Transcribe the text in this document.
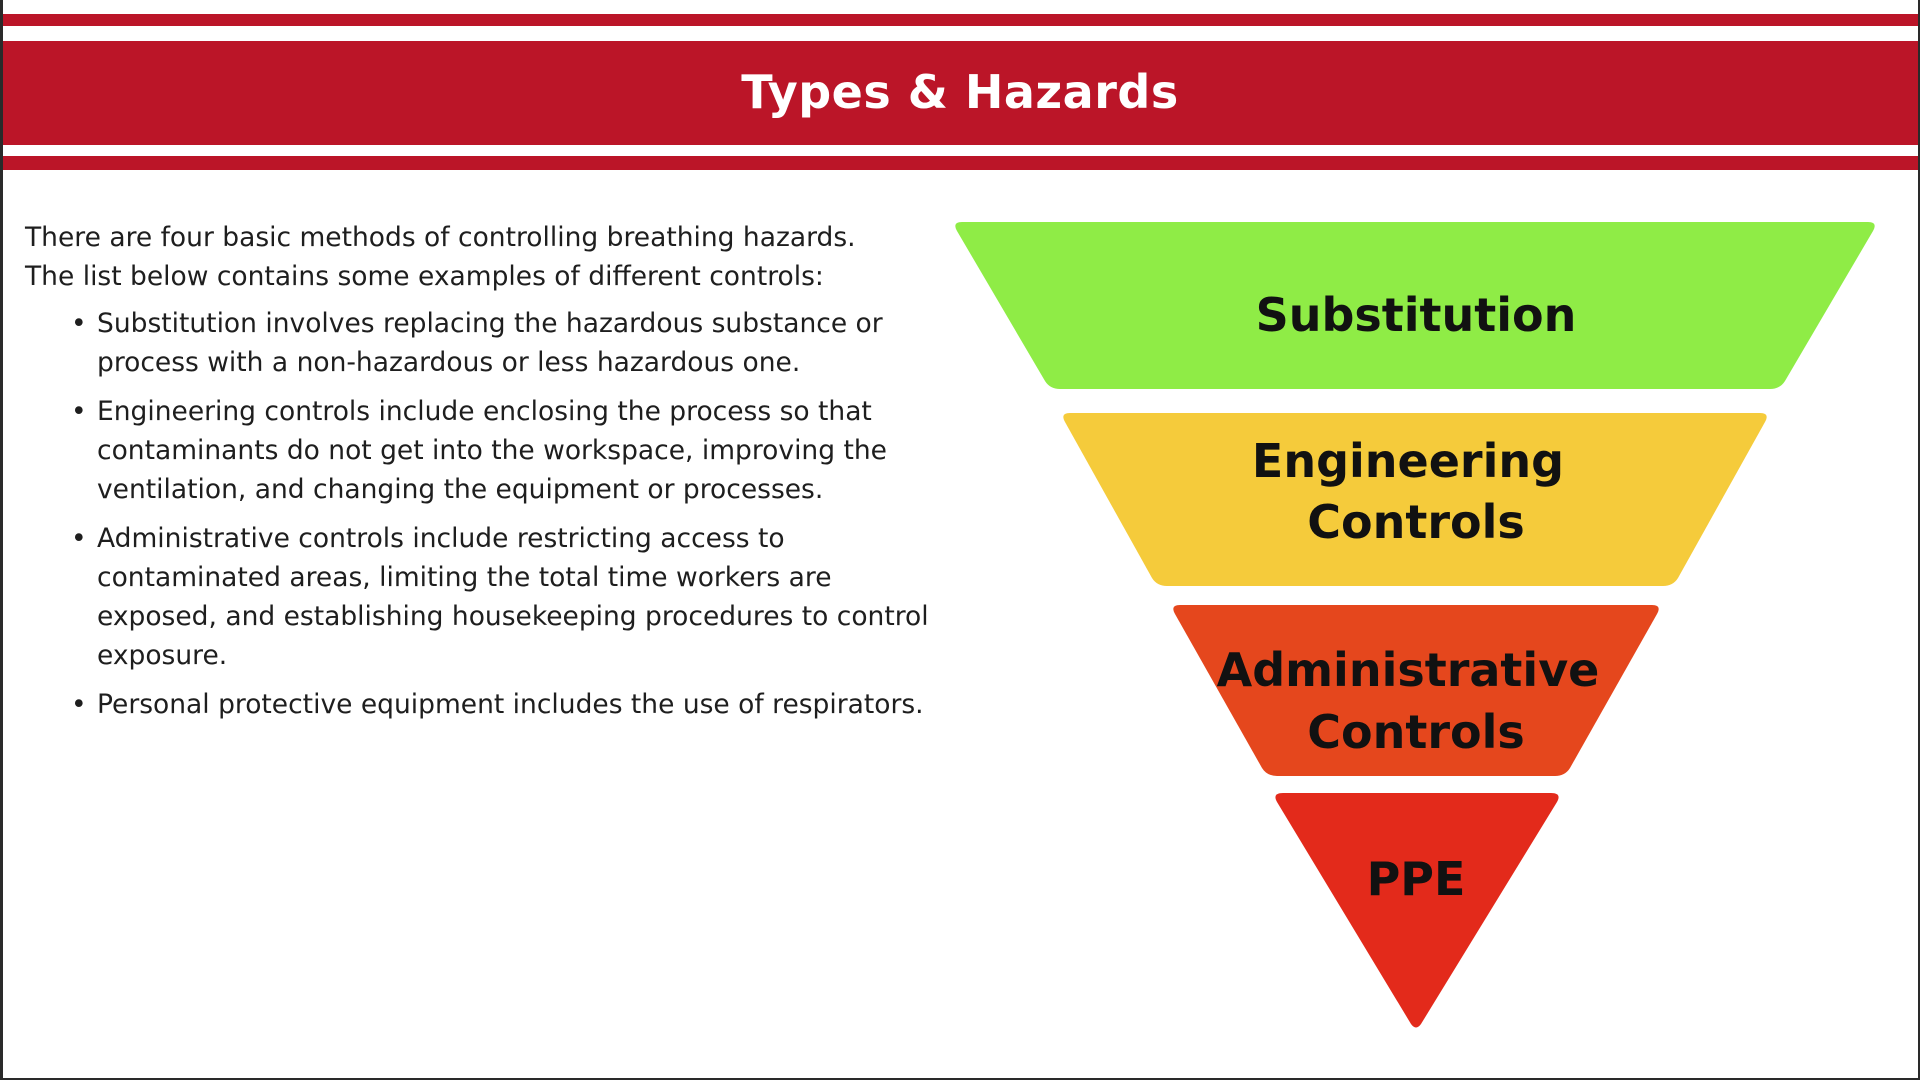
Types & Hazards

There are four basic methods of controlling breathing hazards.
The list below contains some examples of different controls:

• Substitution involves replacing the hazardous substance or process with a non-hazardous or less hazardous one.
• Engineering controls include enclosing the process so that contaminants do not get into the workspace, improving the ventilation, and changing the equipment or processes.
• Administrative controls include restricting access to contaminated areas, limiting the total time workers are exposed, and establishing housekeeping procedures to control exposure.
• Personal protective equipment includes the use of respirators.
Substitution
Engineering Controls
Administrative Controls
PPE
